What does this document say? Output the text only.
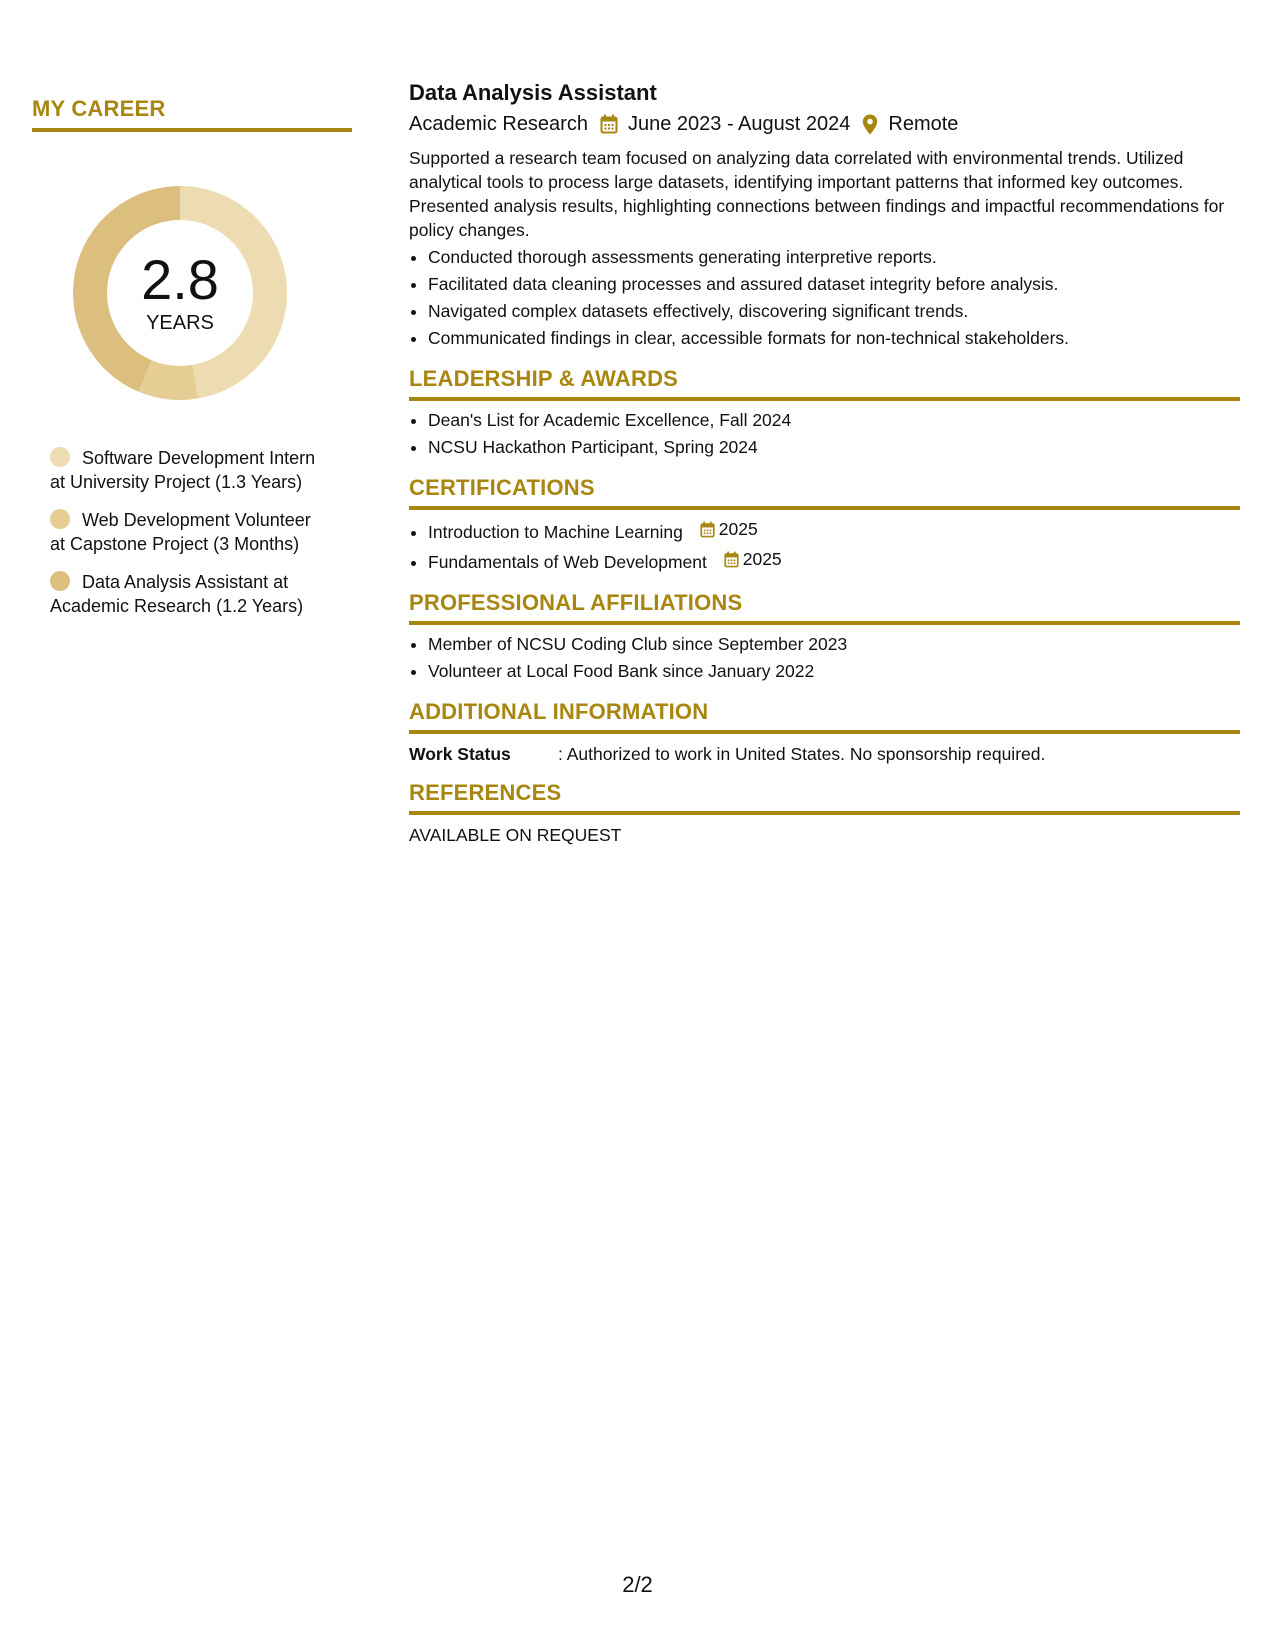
MY CAREER
2.8
YEARS
Software Development Intern at University Project (1.3 Years)
Web Development Volunteer at Capstone Project (3 Months)
Data Analysis Assistant at Academic Research (1.2 Years)
Data Analysis Assistant
Academic Research June 2023 - August 2024 Remote

Supported a research team focused on analyzing data correlated with environmental trends. Utilized analytical tools to process large datasets, identifying important patterns that informed key outcomes. Presented analysis results, highlighting connections between findings and impactful recommendations for policy changes.

• Conducted thorough assessments generating interpretive reports.
• Facilitated data cleaning processes and assured dataset integrity before analysis.
• Navigated complex datasets effectively, discovering significant trends.
• Communicated findings in clear, accessible formats for non-technical stakeholders.
LEADERSHIP & AWARDS
• Dean's List for Academic Excellence, Fall 2024
• NCSU Hackathon Participant, Spring 2024
CERTIFICATIONS
• Introduction to Machine Learning 2025
• Fundamentals of Web Development 2025
PROFESSIONAL AFFILIATIONS
• Member of NCSU Coding Club since September 2023
• Volunteer at Local Food Bank since January 2022
ADDITIONAL INFORMATION
Work Status	: Authorized to work in United States. No sponsorship required.
REFERENCES
AVAILABLE ON REQUEST
2/2
